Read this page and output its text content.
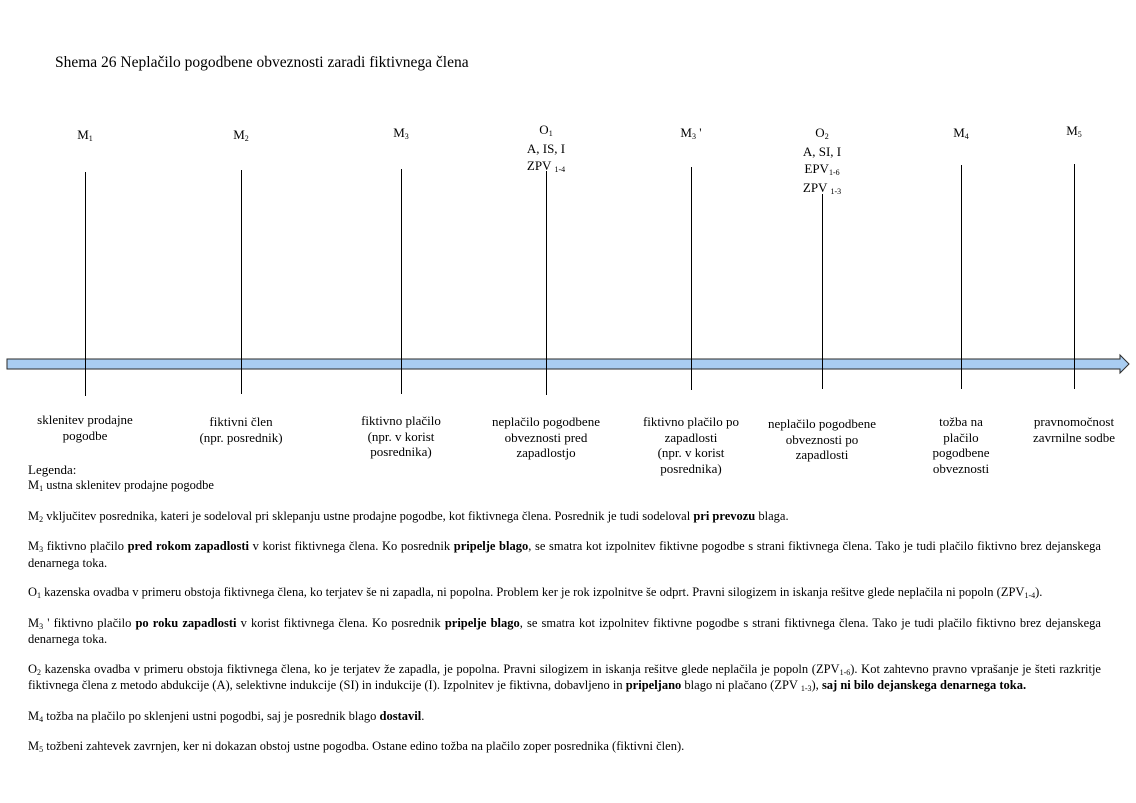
Shema 26 Neplačilo pogodbene obveznosti zaradi fiktivnega člena
M1
sklenitev prodajne
pogodbe
M2
fiktivni člen
(npr. posrednik)
M3
fiktivno plačilo
(npr. v korist
posrednika)
O1
A, IS, I
ZPV 1-4
neplačilo pogodbene
obveznosti pred
zapadlostjo
M3 '
fiktivno plačilo po
zapadlosti
(npr. v korist
posrednika)
O2
A, SI, I
EPV1-6
ZPV 1-3
neplačilo pogodbene
obveznosti po
zapadlosti
M4
tožba na
plačilo
pogodbene
obveznosti
M5
pravnomočnost
zavrnilne sodbe
Legenda:

M1 ustna sklenitev prodajne pogodbe

M2 vključitev posrednika, kateri je sodeloval pri sklepanju ustne prodajne pogodbe, kot fiktivnega člena. Posrednik je tudi sodeloval pri prevozu blaga.

M3 fiktivno plačilo pred rokom zapadlosti v korist fiktivnega člena. Ko posrednik pripelje blago, se smatra kot izpolnitev fiktivne pogodbe s strani fiktivnega člena. Tako je tudi plačilo fiktivno brez dejanskega denarnega toka.

O1 kazenska ovadba v primeru obstoja fiktivnega člena, ko terjatev še ni zapadla, ni popolna. Problem ker je rok izpolnitve še odprt. Pravni silogizem in iskanja rešitve glede neplačila ni popoln (ZPV1-4).

M3 ' fiktivno plačilo po roku zapadlosti v korist fiktivnega člena. Ko posrednik pripelje blago, se smatra kot izpolnitev fiktivne pogodbe s strani fiktivnega člena. Tako je tudi plačilo fiktivno brez dejanskega denarnega toka.

O2 kazenska ovadba v primeru obstoja fiktivnega člena, ko je terjatev že zapadla, je popolna. Pravni silogizem in iskanja rešitve glede neplačila je popoln (ZPV1-6). Kot zahtevno pravno vprašanje je šteti razkritje fiktivnega člena z metodo abdukcije (A), selektivne indukcije (SI) in indukcije (I). Izpolnitev je fiktivna, dobavljeno in pripeljano blago ni plačano (ZPV 1-3), saj ni bilo dejanskega denarnega toka.

M4 tožba na plačilo po sklenjeni ustni pogodbi, saj je posrednik blago dostavil.

M5 tožbeni zahtevek zavrnjen, ker ni dokazan obstoj ustne pogodba. Ostane edino tožba na plačilo zoper posrednika (fiktivni člen).
